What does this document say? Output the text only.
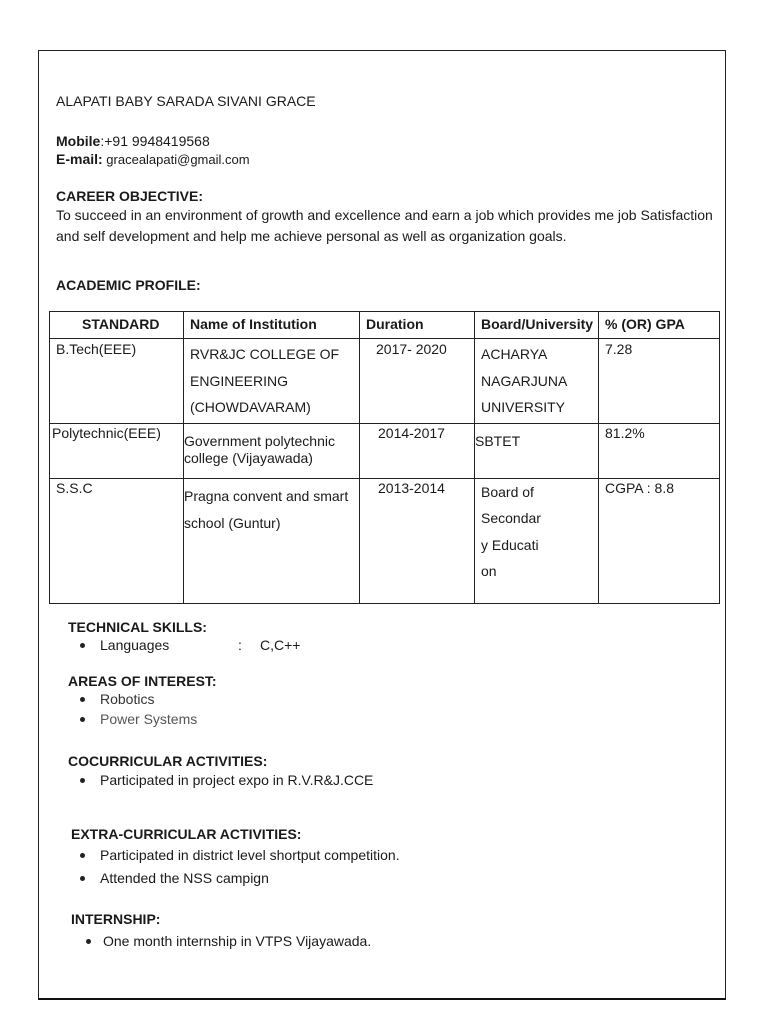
ALAPATI BABY SARADA SIVANI GRACE
Mobile:+91 9948419568
E-mail: gracealapati@gmail.com
CAREER OBJECTIVE:
To succeed in an environment of growth and excellence and earn a job which provides me job Satisfaction and self development and help me achieve personal as well as organization goals.
ACADEMIC PROFILE:
STANDARD	Name of Institution	Duration	Board/University	% (OR) GPA

B.Tech(EEE)	RVR&JC COLLEGE OF ENGINEERING (CHOWDAVARAM)	2017- 2020	ACHARYA NAGARJUNA UNIVERSITY	7.28

Polytechnic(EEE)	Government polytechnic college (Vijayawada)	2014-2017	SBTET	81.2%

S.S.C	Pragna convent and smart school (Guntur)	2013-2014	Board of Secondary Education	CGPA : 8.8
TECHNICAL SKILLS:
Languages	:	C,C++
AREAS OF INTEREST:
Robotics
Power Systems
COCURRICULAR ACTIVITIES:
Participated in project expo in R.V.R&J.CCE
EXTRA-CURRICULAR ACTIVITIES:
Participated in district level shortput competition.
Attended the NSS campign
INTERNSHIP:
One month internship in VTPS Vijayawada.
